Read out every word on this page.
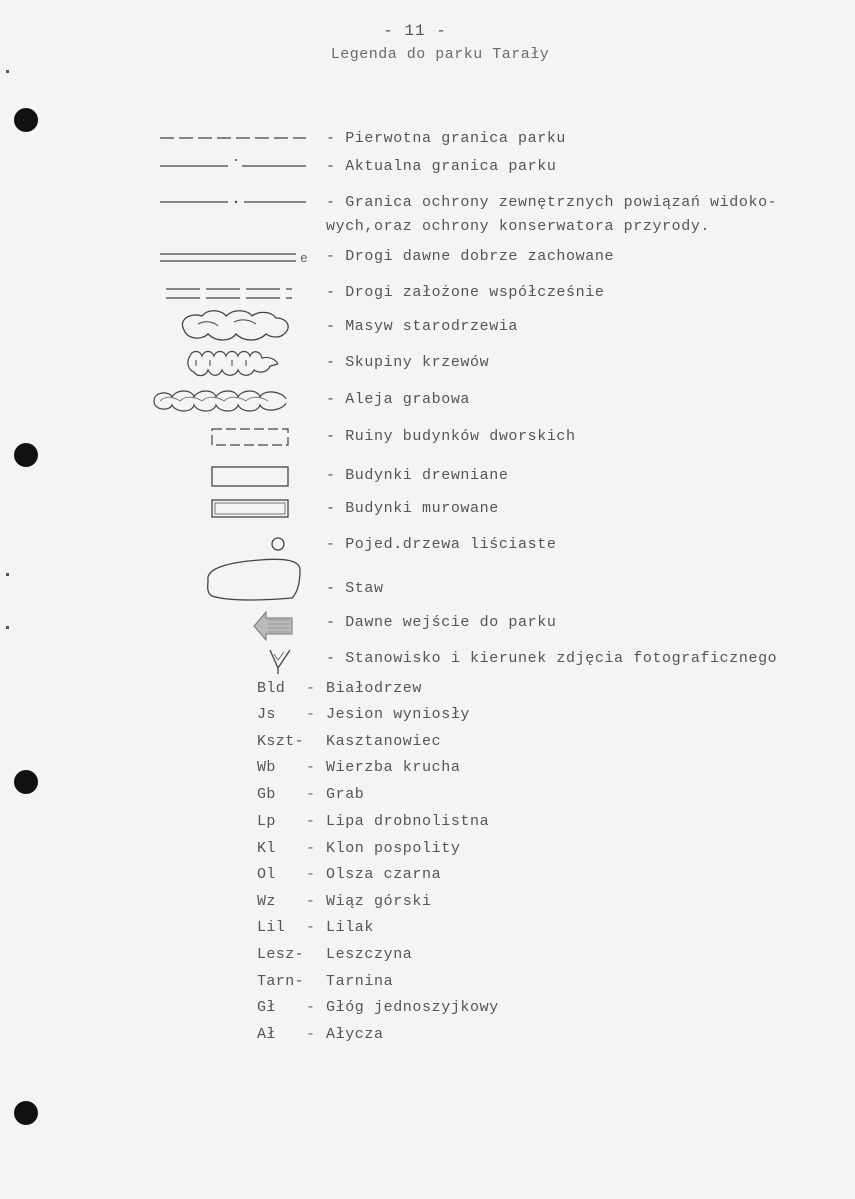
- 11 -
Legenda do parku Tarały
- Pierwotna granica parku
- Aktualna granica parku
- Granica ochrony zewnętrznych powiązań widoko-
wych,oraz ochrony konserwatora przyrody.
e - Drogi dawne dobrze zachowane
- Drogi założone współcześnie
- Masyw starodrzewia
- Skupiny krzewów
- Aleja grabowa
- Ruiny budynków dworskich
- Budynki drewniane
- Budynki murowane
- Pojed.drzewa liściaste
- Staw
- Dawne wejście do parku
- Stanowisko i kierunek zdjęcia fotograficznego
Bld	- Białodrzew
Js	- Jesion wyniosły
Kszt-	Kasztanowiec
Wb	- Wierzba krucha
Gb	- Grab
Lp	- Lipa drobnolistna
Kl	- Klon pospolity
Ol	- Olsza czarna
Wz	- Wiąz górski
Lil	- Lilak
Lesz-	Leszczyna
Tarn-	Tarnina
Gł	- Głóg jednoszyjkowy
Ał	- Ałycza
